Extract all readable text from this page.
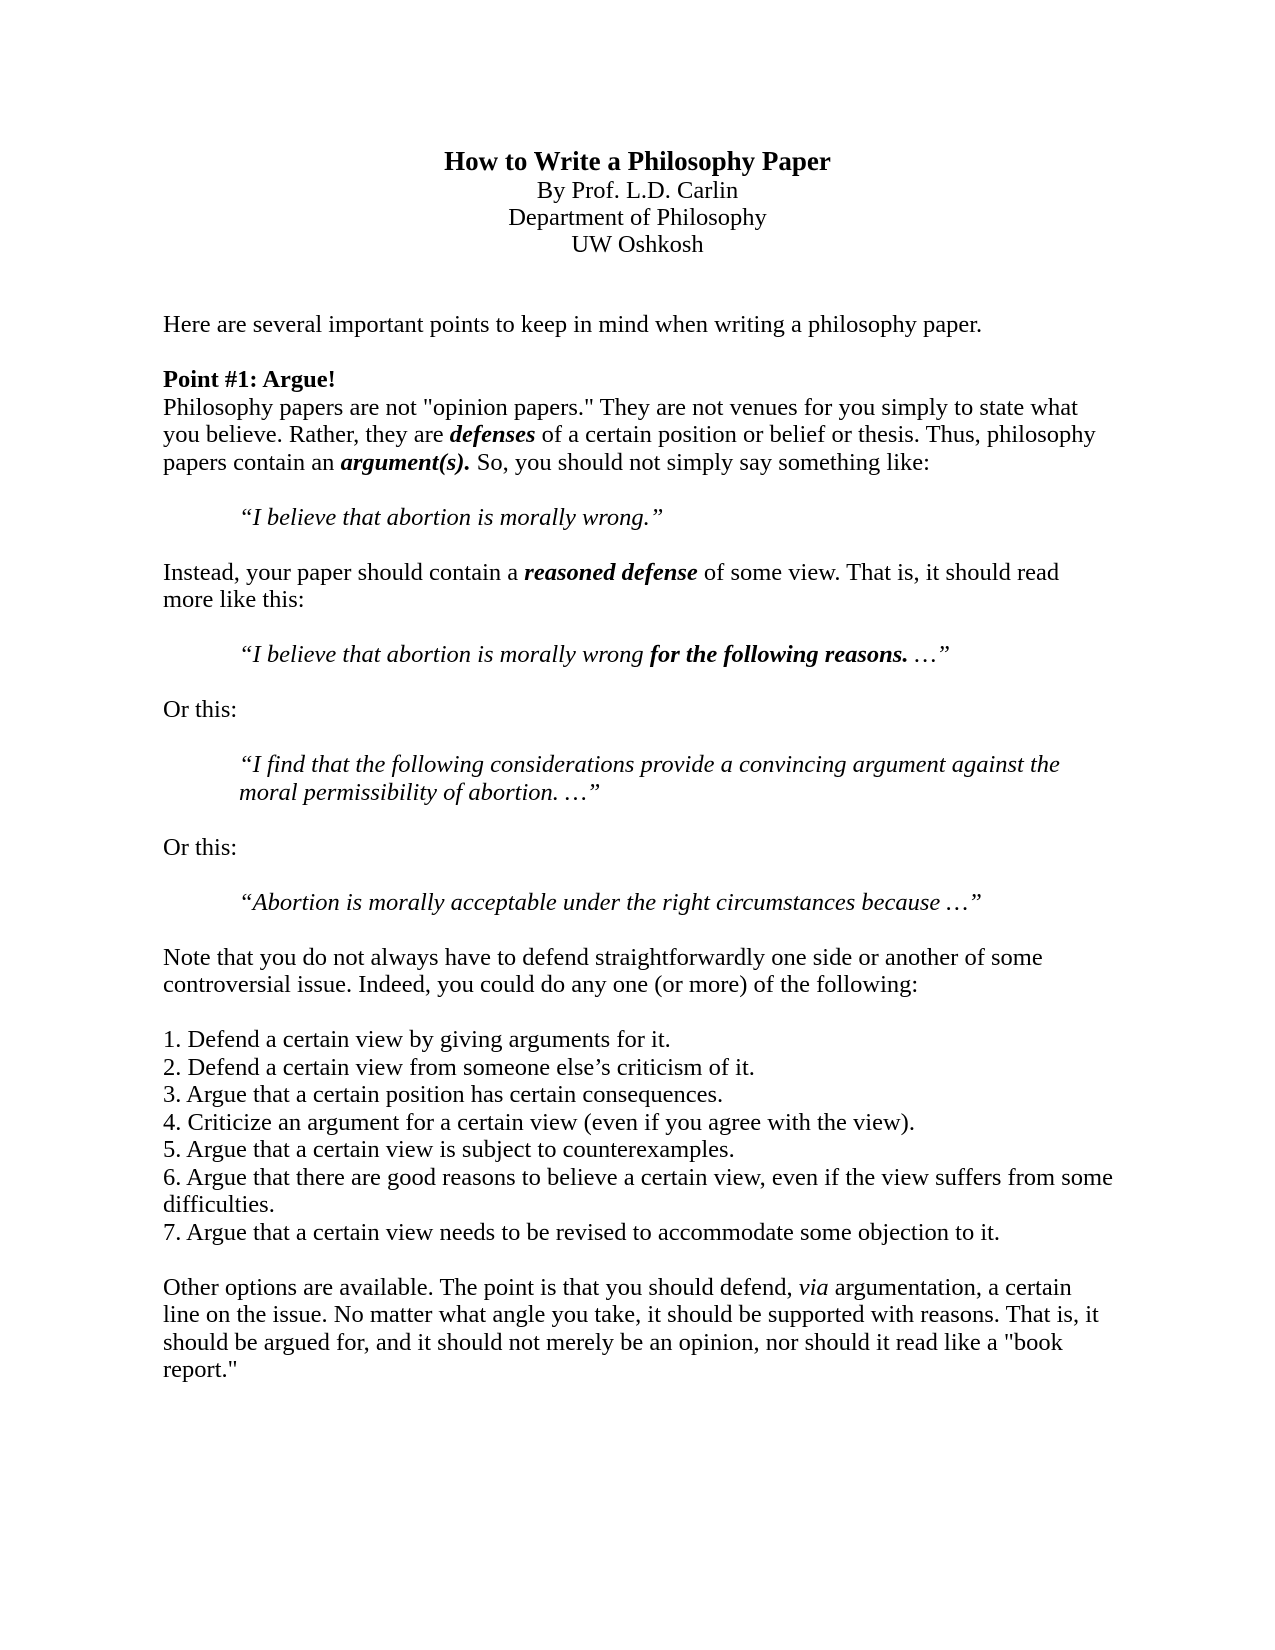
How to Write a Philosophy Paper
By Prof. L.D. Carlin
Department of Philosophy
UW Oshkosh

Here are several important points to keep in mind when writing a philosophy paper.

Point #1: Argue!

Philosophy papers are not "opinion papers." They are not venues for you simply to state what you believe. Rather, they are defenses of a certain position or belief or thesis. Thus, philosophy papers contain an argument(s). So, you should not simply say something like:

“I believe that abortion is morally wrong.”

Instead, your paper should contain a reasoned defense of some view. That is, it should read more like this:

“I believe that abortion is morally wrong for the following reasons. …”

Or this:

“I find that the following considerations provide a convincing argument against the moral permissibility of abortion. …”

Or this:

“Abortion is morally acceptable under the right circumstances because …”

Note that you do not always have to defend straightforwardly one side or another of some controversial issue. Indeed, you could do any one (or more) of the following:

1. Defend a certain view by giving arguments for it.
2. Defend a certain view from someone else’s criticism of it.
3. Argue that a certain position has certain consequences.
4. Criticize an argument for a certain view (even if you agree with the view).
5. Argue that a certain view is subject to counterexamples.
6. Argue that there are good reasons to believe a certain view, even if the view suffers from some difficulties.
7. Argue that a certain view needs to be revised to accommodate some objection to it.

Other options are available. The point is that you should defend, via argumentation, a certain line on the issue. No matter what angle you take, it should be supported with reasons. That is, it should be argued for, and it should not merely be an opinion, nor should it read like a "book report."
